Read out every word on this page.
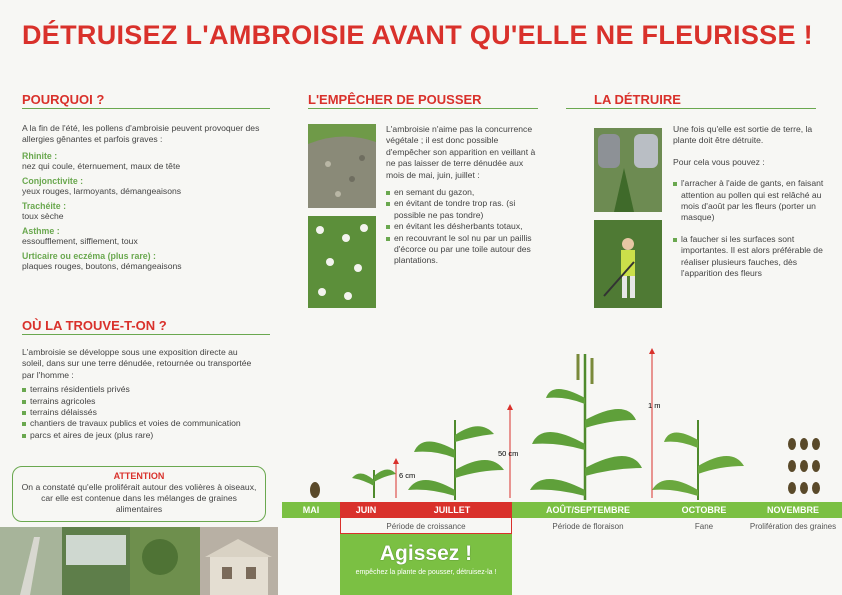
DÉTRUISEZ L'AMBROISIE AVANT QU'ELLE NE FLEURISSE !
POURQUOI ?
A la fin de l'été, les pollens d'ambroisie peuvent provoquer des allergies gênantes et parfois graves :
Rhinite :
nez qui coule, éternuement, maux de tête
Conjonctivite :
yeux rouges, larmoyants, démangeaisons
Trachéite :
toux sèche
Asthme :
essoufflement, sifflement, toux
Urticaire ou eczéma (plus rare) :
plaques rouges, boutons, démangeaisons
OÙ LA TROUVE-T-ON ?
L'ambroisie se développe sous une exposition directe au soleil, dans sur une terre dénudée, retournée ou transportée par l'homme :
terrains résidentiels privés
terrains agricoles
terrains délaissés
chantiers de travaux publics et voies de communication
parcs et aires de jeux (plus rare)
ATTENTION
On a constaté qu'elle proliférait autour des volières à oiseaux, car elle est contenue dans les mélanges de graines alimentaires
L'EMPÊCHER DE POUSSER
L'ambroisie n'aime pas la concurrence végétale ; il est donc possible d'empêcher son apparition en veillant à ne pas laisser de terre dénudée aux mois de mai, juin, juillet :
en semant du gazon,
en évitant de tondre trop ras. (si possible ne pas tondre)
en évitant les désherbants totaux,
en recouvrant le sol nu par un paillis d'écorce ou par une toile autour des plantations.
LA DÉTRUIRE
Une fois qu'elle est sortie de terre, la plante doit être détruite.
Pour cela vous pouvez :
l'arracher à l'aide de gants, en faisant attention au pollen qui est relâché au mois d'août par les fleurs (porter un masque)
la faucher si les surfaces sont importantes. Il est alors préférable de réaliser plusieurs fauches, dès l'apparition des fleurs
6 cm
50 cm
1 m
MAI	JUIN	JUILLET	AOÛT/SEPTEMBRE	OCTOBRE	NOVEMBRE
Période de croissance	Période de floraison	Fane	Prolifération des graines
Agissez !
empêchez la plante de pousser, détruisez-la !
